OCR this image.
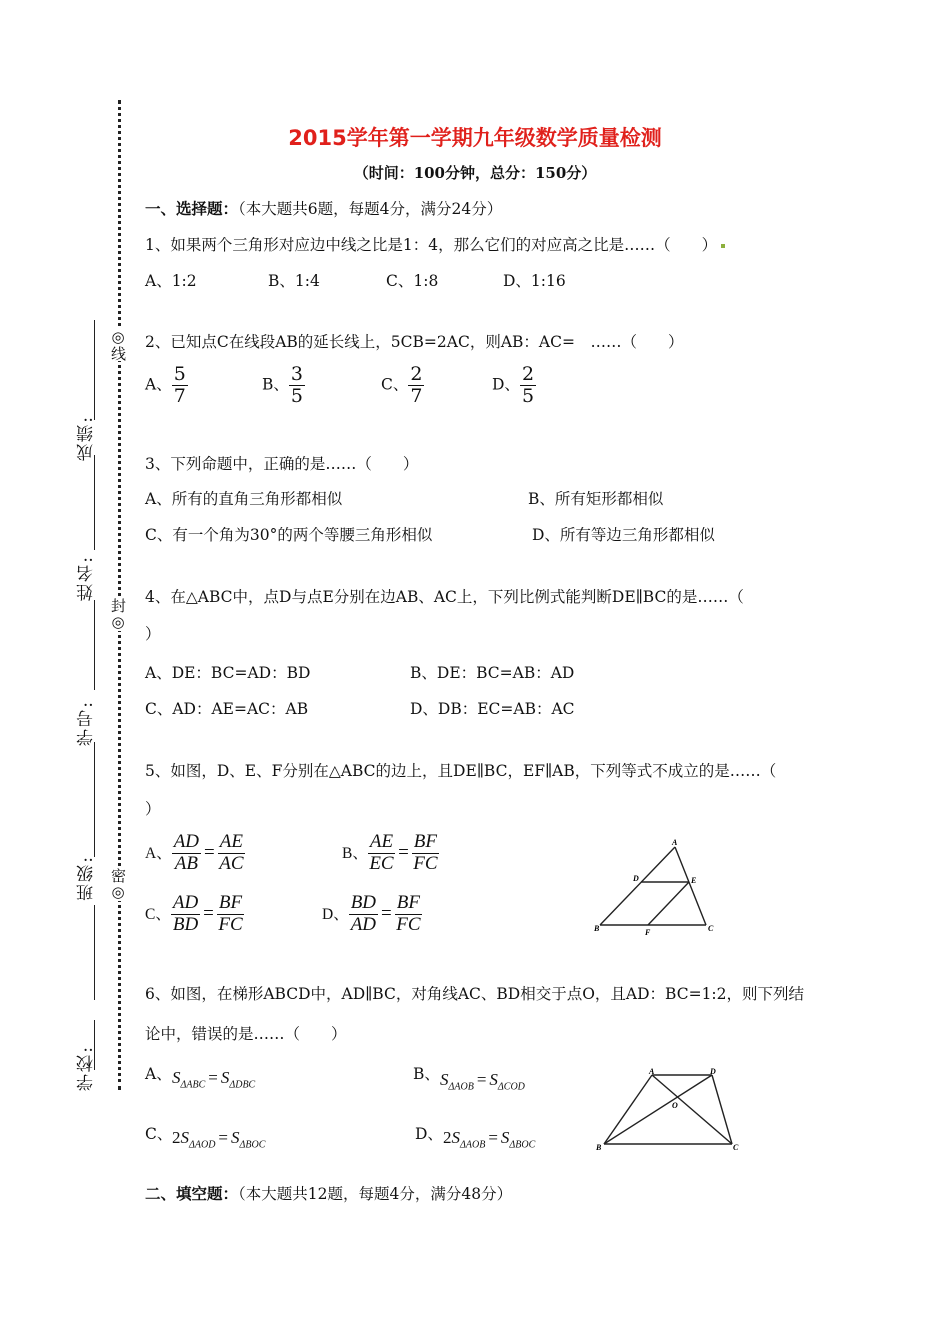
学校:
班级:
学号:
姓名:
成绩:
◎线
封◎
密◎
2015学年第一学期九年级数学质量检测
（时间：100分钟，总分：150分）
一、选择题：（本大题共6题，每题4分，满分24分）
1、如果两个三角形对应边中线之比是1：4，那么它们的对应高之比是……（　　）
A、1:2	B、1:4	C、1:8	D、1:16
2、已知点C在线段AB的延长线上，5CB=2AC，则AB：AC=　……（　　）
A、 $\frac{5}{7}$	B、 $\frac{3}{5}$	C、 $\frac{2}{7}$	D、 $\frac{2}{5}$
3、下列命题中，正确的是……（　　）
A、所有的直角三角形都相似	B、所有矩形都相似
C、有一个角为30°的两个等腰三角形相似	D、所有等边三角形都相似
4、在△ABC中，点D与点E分别在边AB、AC上，下列比例式能判断DE∥BC的是……（
）
A、DE：BC=AD：BD	B、DE：BC=AB：AD
C、AD：AE=AC：AB	D、DB：EC=AB：AC
5、如图，D、E、F分别在△ABC的边上，且DE∥BC，EF∥AB，下列等式不成立的是……（
）
A、 $\frac{AD}{AB} = \frac{AE}{AC}$	B、 $\frac{AE}{EC} = \frac{BF}{FC}$
C、 $\frac{AD}{BD} = \frac{BF}{FC}$	D、 $\frac{BD}{AD} = \frac{BF}{FC}$
A
D	E
B	F	C
6、如图，在梯形ABCD中，AD∥BC，对角线AC、BD相交于点O，且AD：BC=1:2，则下列结
论中，错误的是……（　　）
A、 $S_{\Delta ABC} = S_{\Delta DBC}$
B、 $S_{\Delta AOB} = S_{\Delta COD}$
C、 $2S_{\Delta AOD} = S_{\Delta BOC}$
D、 $2S_{\Delta AOB} = S_{\Delta BOC}$
A	D
O
B	C
二、填空题：（本大题共12题，每题4分，满分48分）
